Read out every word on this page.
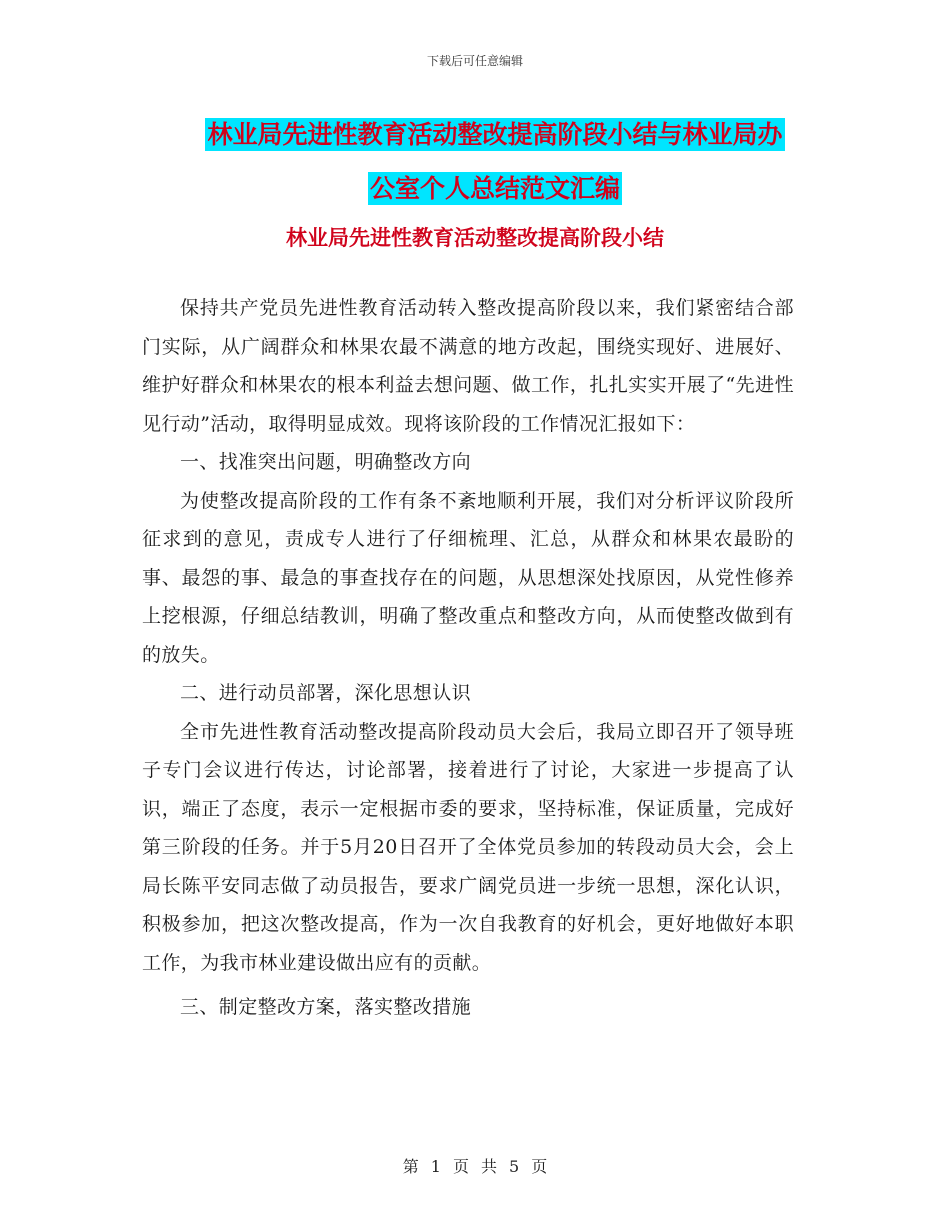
下载后可任意编辑
林业局先进性教育活动整改提高阶段小结与林业局办
公室个人总结范文汇编
林业局先进性教育活动整改提高阶段小结

保持共产党员先进性教育活动转入整改提高阶段以来，我们紧密结合部门实际，从广阔群众和林果农最不满意的地方改起，围绕实现好、进展好、维护好群众和林果农的根本利益去想问题、做工作，扎扎实实开展了“先进性见行动”活动，取得明显成效。现将该阶段的工作情况汇报如下：

一、找准突出问题，明确整改方向

为使整改提高阶段的工作有条不紊地顺利开展，我们对分析评议阶段所征求到的意见，责成专人进行了仔细梳理、汇总，从群众和林果农最盼的事、最怨的事、最急的事查找存在的问题，从思想深处找原因，从党性修养上挖根源，仔细总结教训，明确了整改重点和整改方向，从而使整改做到有的放失。

二、进行动员部署，深化思想认识

全市先进性教育活动整改提高阶段动员大会后，我局立即召开了领导班子专门会议进行传达，讨论部署，接着进行了讨论，大家进一步提高了认识，端正了态度，表示一定根据市委的要求，坚持标准，保证质量，完成好第三阶段的任务。并于5月20日召开了全体党员参加的转段动员大会，会上局长陈平安同志做了动员报告，要求广阔党员进一步统一思想，深化认识，积极参加，把这次整改提高，作为一次自我教育的好机会，更好地做好本职工作，为我市林业建设做出应有的贡献。

三、制定整改方案，落实整改措施

第 1 页 共 5 页
